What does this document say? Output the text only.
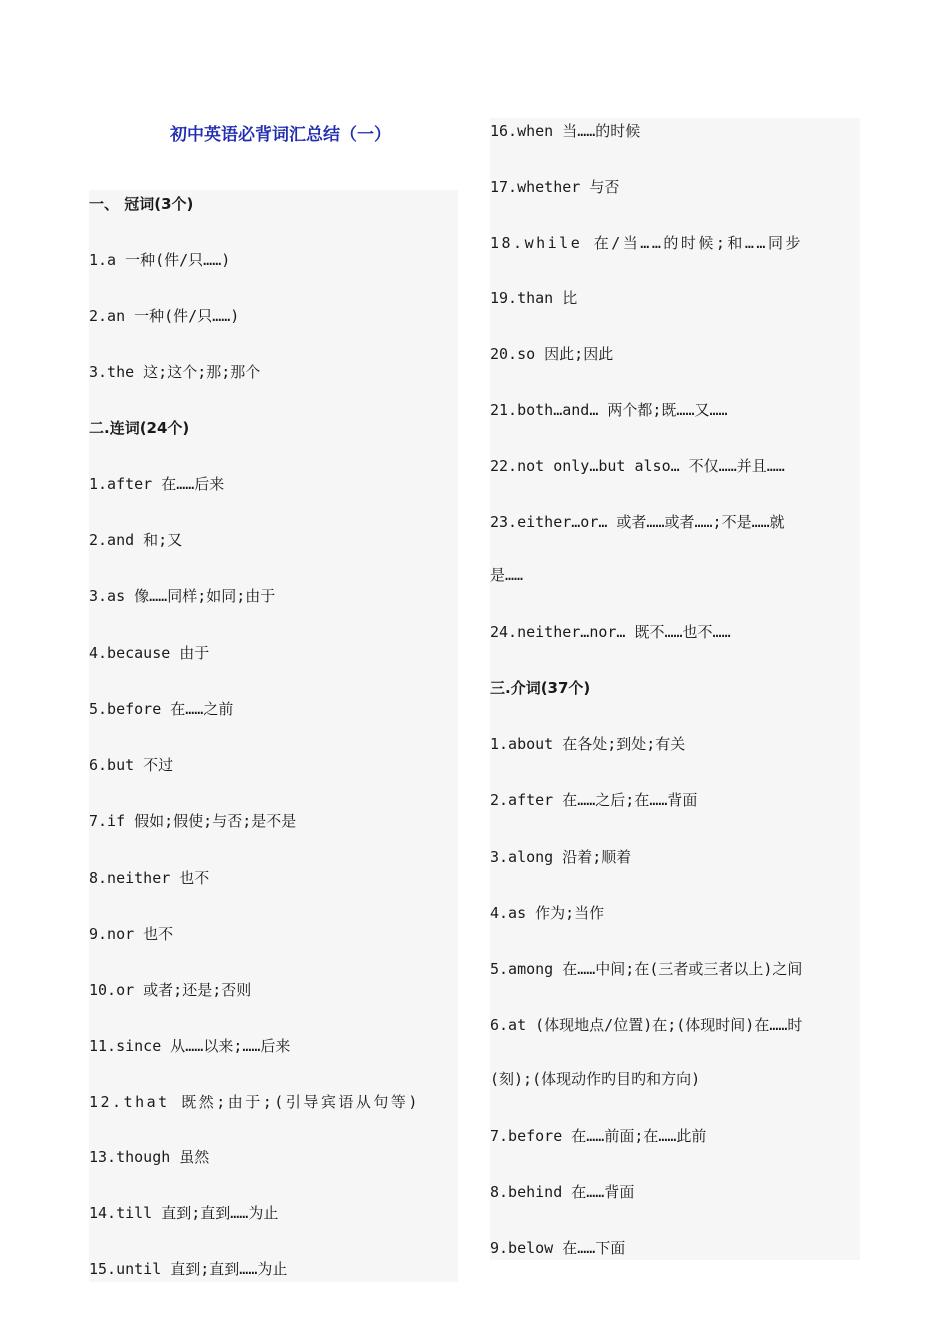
初中英语必背词汇总结（一）
一、 冠词(3个)
1.a 一种(件/只……)
2.an 一种(件/只……)
3.the 这;这个;那;那个
二.连词(24个)
1.after 在……后来
2.and 和;又
3.as 像……同样;如同;由于
4.because 由于
5.before 在……之前
6.but 不过
7.if 假如;假使;与否;是不是
8.neither 也不
9.nor 也不
10.or 或者;还是;否则
11.since 从……以来;……后来
12.that 既然;由于;(引导宾语从句等)
13.though 虽然
14.till 直到;直到……为止
15.until 直到;直到……为止
16.when 当……的时候
17.whether 与否
18.while 在/当……的时候;和……同步
19.than 比
20.so 因此;因此
21.both…and… 两个都;既……又……
22.not only…but also… 不仅……并且……
23.either…or… 或者……或者……;不是……就
是……
24.neither…nor… 既不……也不……
三.介词(37个)
1.about 在各处;到处;有关
2.after 在……之后;在……背面
3.along 沿着;顺着
4.as 作为;当作
5.among 在……中间;在(三者或三者以上)之间
6.at (体现地点/位置)在;(体现时间)在……时
(刻);(体现动作旳目旳和方向)
7.before 在……前面;在……此前
8.behind 在……背面
9.below 在……下面
